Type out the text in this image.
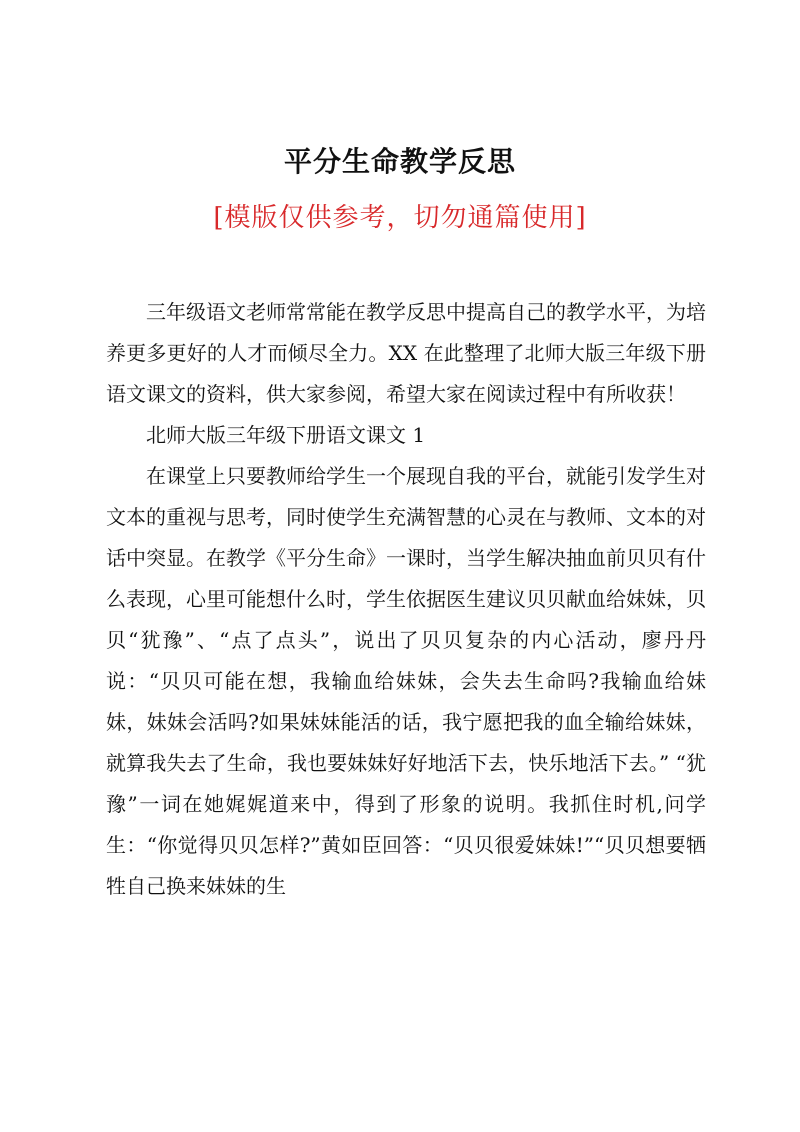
平分生命教学反思
[模版仅供参考，切勿通篇使用]

三年级语文老师常常能在教学反思中提高自己的教学水平，为培养更多更好的人才而倾尽全力。XX 在此整理了北师大版三年级下册语文课文的资料，供大家参阅，希望大家在阅读过程中有所收获！

北师大版三年级下册语文课文 1

在课堂上只要教师给学生一个展现自我的平台，就能引发学生对文本的重视与思考，同时使学生充满智慧的心灵在与教师、文本的对话中突显。在教学《平分生命》一课时，当学生解决抽血前贝贝有什么表现，心里可能想什么时，学生依据医生建议贝贝献血给妹妹，贝贝“犹豫”、“点了点头”，说出了贝贝复杂的内心活动，廖丹丹说：“贝贝可能在想，我输血给妹妹，会失去生命吗?我输血给妹妹，妹妹会活吗?如果妹妹能活的话，我宁愿把我的血全输给妹妹，就算我失去了生命，我也要妹妹好好地活下去，快乐地活下去。” “犹豫”一词在她娓娓道来中，得到了形象的说明。我抓住时机,问学生：“你觉得贝贝怎样?”黄如臣回答：“贝贝很爱妹妹!”“贝贝想要牺牲自己换来妹妹的生
